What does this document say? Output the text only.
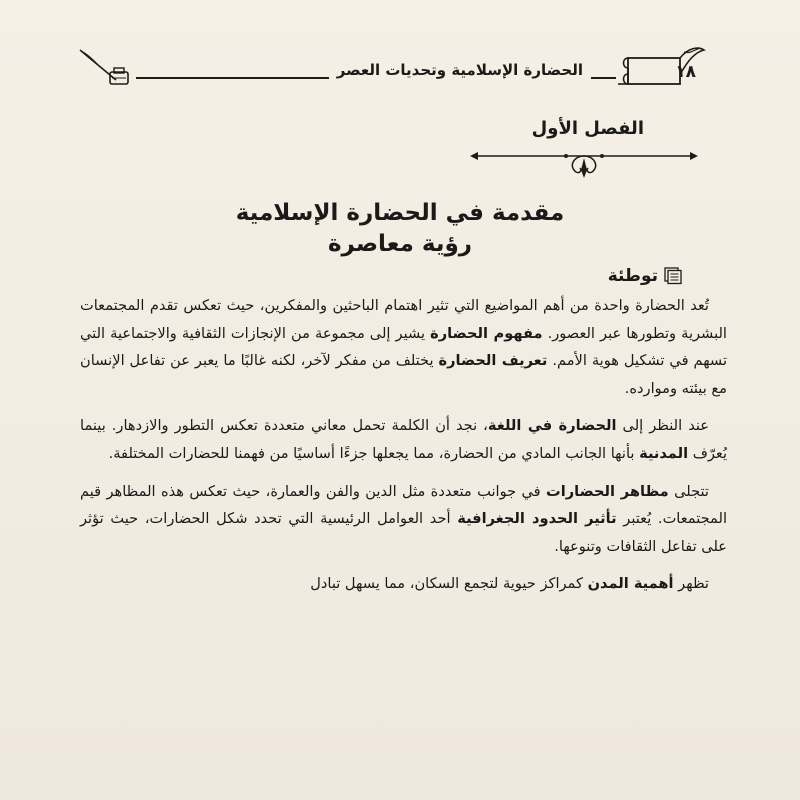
الحضارة الإسلامية وتحديات العصر	١٨
الفصل الأول

مقدمة في الحضارة الإسلامية

رؤية معاصرة

توطئة

تُعد الحضارة واحدة من أهم المواضيع التي تثير اهتمام الباحثين والمفكرين، حيث تعكس تقدم المجتمعات البشرية وتطورها عبر العصور. مفهوم الحضارة يشير إلى مجموعة من الإنجازات الثقافية والاجتماعية التي تسهم في تشكيل هوية الأمم. تعريف الحضارة يختلف من مفكر لآخر، لكنه غالبًا ما يعبر عن تفاعل الإنسان مع بيئته وموارده.

عند النظر إلى الحضارة في اللغة، نجد أن الكلمة تحمل معاني متعددة تعكس التطور والازدهار. بينما يُعرّف المدنية بأنها الجانب المادي من الحضارة، مما يجعلها جزءًا أساسيًا من فهمنا للحضارات المختلفة.

تتجلى مظاهر الحضارات في جوانب متعددة مثل الدين والفن والعمارة، حيث تعكس هذه المظاهر قيم المجتمعات. يُعتبر تأثير الحدود الجغرافية أحد العوامل الرئيسية التي تحدد شكل الحضارات، حيث تؤثر على تفاعل الثقافات وتنوعها.

تظهر أهمية المدن كمراكز حيوية لتجمع السكان، مما يسهل تبادل
